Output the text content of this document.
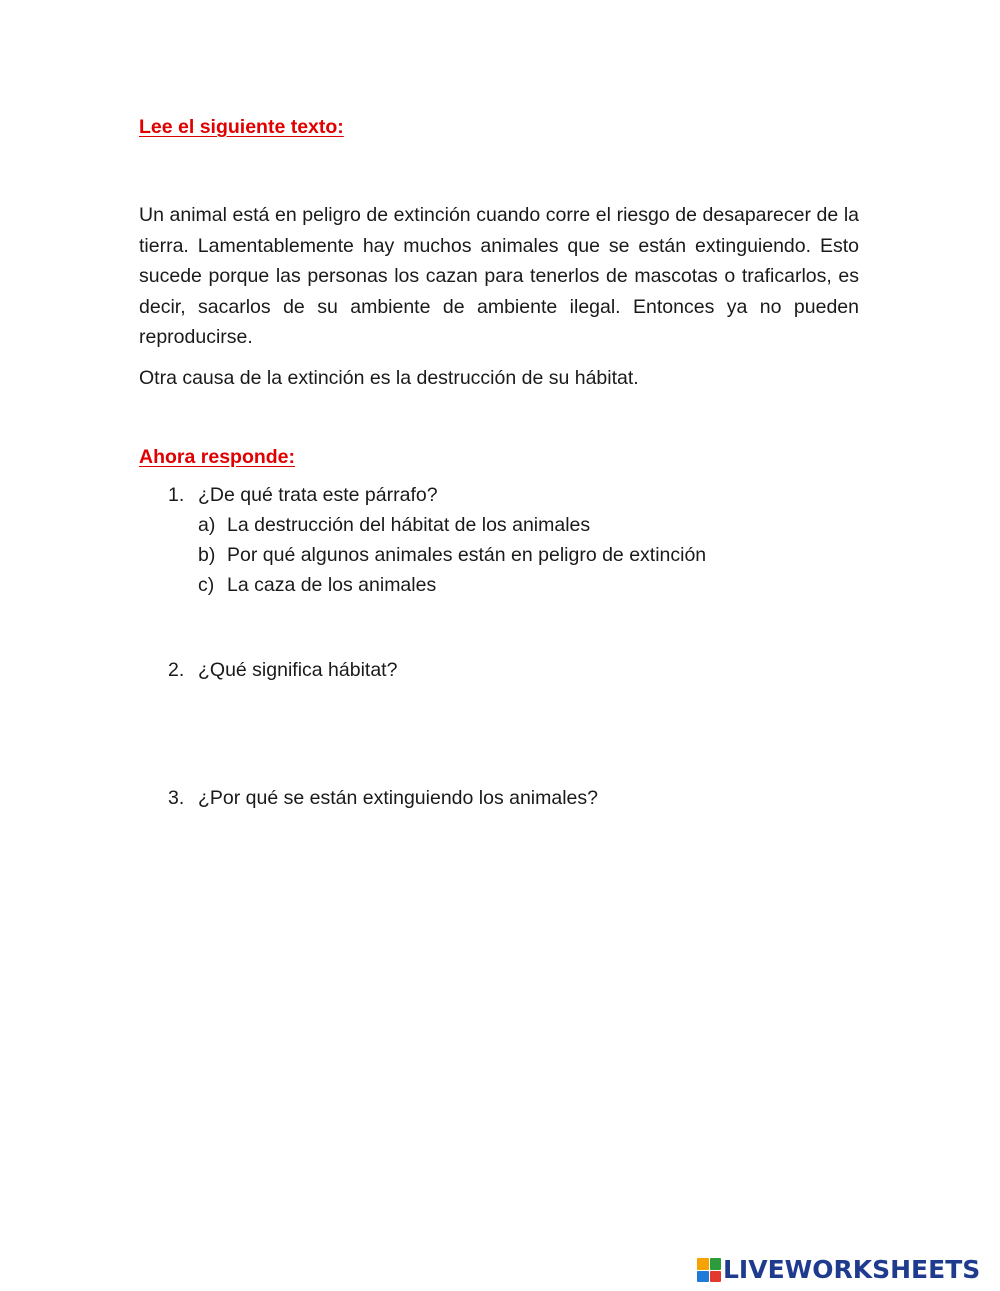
Lee el siguiente texto:

Un animal está en peligro de extinción cuando corre el riesgo de desaparecer de la tierra. Lamentablemente hay muchos animales que se están extinguiendo. Esto sucede porque las personas los cazan para tenerlos de mascotas o traficarlos, es decir, sacarlos de su ambiente de ambiente ilegal. Entonces ya no pueden reproducirse.

Otra causa de la extinción es la destrucción de su hábitat.

Ahora responde:
1. ¿De qué trata este párrafo?
a) La destrucción del hábitat de los animales
b) Por qué algunos animales están en peligro de extinción
c) La caza de los animales
2. ¿Qué significa hábitat?
3. ¿Por qué se están extinguiendo los animales?
LIVEWORKSHEETS
